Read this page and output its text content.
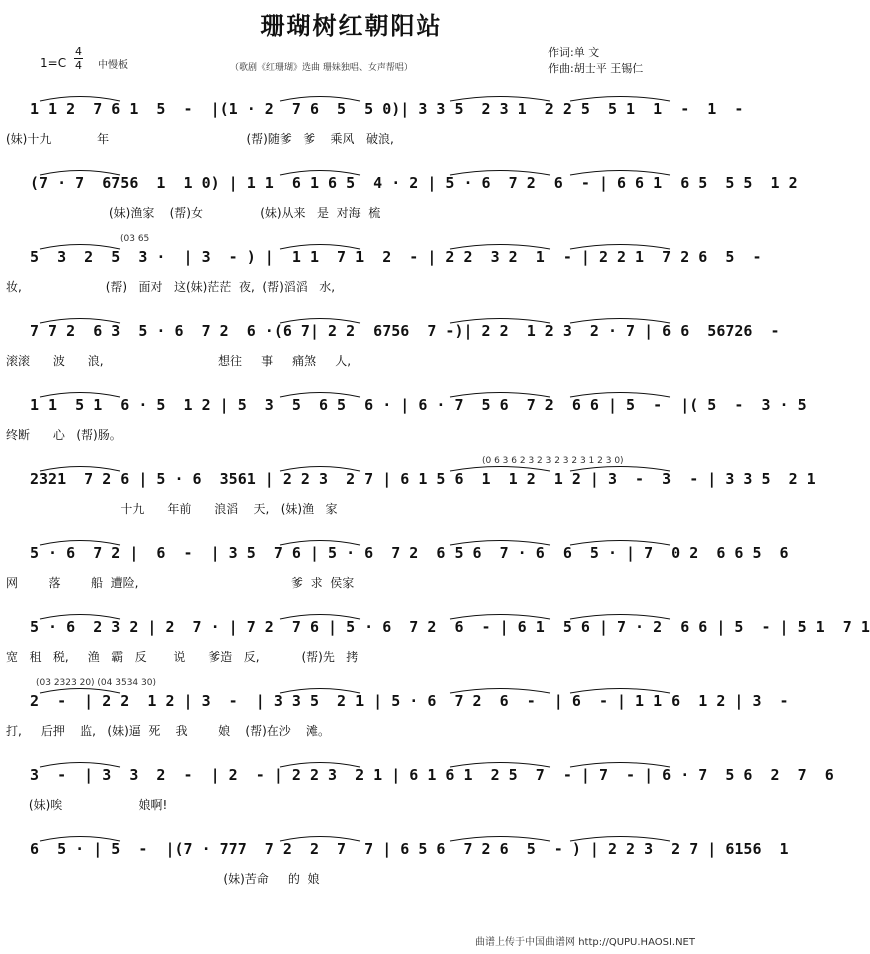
珊瑚树红朝阳站
1=C
4
4 中慢板	（歌剧《红珊瑚》选曲 珊妹独唱、女声帮唱）
作词:单 文
作曲:胡士平 王锡仁
1 1 2  7 6 1  5  -  |(1 · 2  7 6  5  5 0)| 3 3 5  2 3 1  2 2 5  5 1  1  -  1  -
(妹)十九            年                                    (帮)随爹   爹    乘风   破浪,
(7 · 7  6756  1  1 0) | 1 1  6 1 6 5  4 · 2 | 5 · 6  7 2  6  - | 6 6 1  6 5  5 5  1 2
(妹)渔家    (帮)女               (妹)从来   是  对海  梳
(03 65
5  3  2  5  3 ·  | 3  - ) |  1 1  7 1  2  - | 2 2  3 2  1  - | 2 2 1  7 2 6  5  -
妆,                      (帮)   面对   这(妹)茫茫  夜,  (帮)滔滔   水,
7 7 2  6 3  5 · 6  7 2  6 ·(6 7| 2 2  6756  7 -)| 2 2  1 2 3  2 · 7 | 6 6  56726  -
滚滚      波      浪,                              想往     事     痛煞     人,
1 1  5 1  6 · 5  1 2 | 5  3  5  6 5  6 · | 6 · 7  5 6  7 2  6 6 | 5  -  |( 5  -  3 · 5
终断      心   (帮)肠。
(0 6 3 6 2 3 2 3 2 3 2 3 1 2 3 0)
2321  7 2 6 | 5 · 6  3561 | 2 2 3  2 7 | 6 1 5 6  1  1 2  1 2 | 3  -  3  - | 3 3 5  2 1
十九      年前      浪滔    天,   (妹)渔   家
5 · 6  7 2 |  6  -  | 3 5  7 6 | 5 · 6  7 2  6 5 6  7 · 6  6  5 · | 7  0 2  6 6 5  6
网        落        船  遭险,                                        爹  求  侯家
5 · 6  2 3 2 | 2  7 · | 7 2  7 6 | 5 · 6  7 2  6  - | 6 1  5 6 | 7 · 2  6 6 | 5  - | 5 1  7 1
宽   租   税,     渔   霸   反       说      爹造   反,           (帮)先   拷
(03 2323 20) (04 3534 30)
2  -  | 2 2  1 2 | 3  -  | 3 3 5  2 1 | 5 · 6  7 2  6  -  | 6  - | 1 1 6  1 2 | 3  -
打,     后押    监,   (妹)逼  死    我        娘    (帮)在沙    滩。
3  -  | 3  3  2  -  | 2  - | 2 2 3  2 1 | 6 1 6 1  2 5  7  - | 7  - | 6 · 7  5 6  2  7  6
(妹)唉                    娘啊!
6  5 · | 5  -  |(7 · 777  7 2  2  7  7 | 6 5 6  7 2 6  5  - ) | 2 2 3  2 7 | 6156  1
(妹)苦命     的  娘
曲谱上传于中国曲谱网 http://QUPU.HAOSI.NET
